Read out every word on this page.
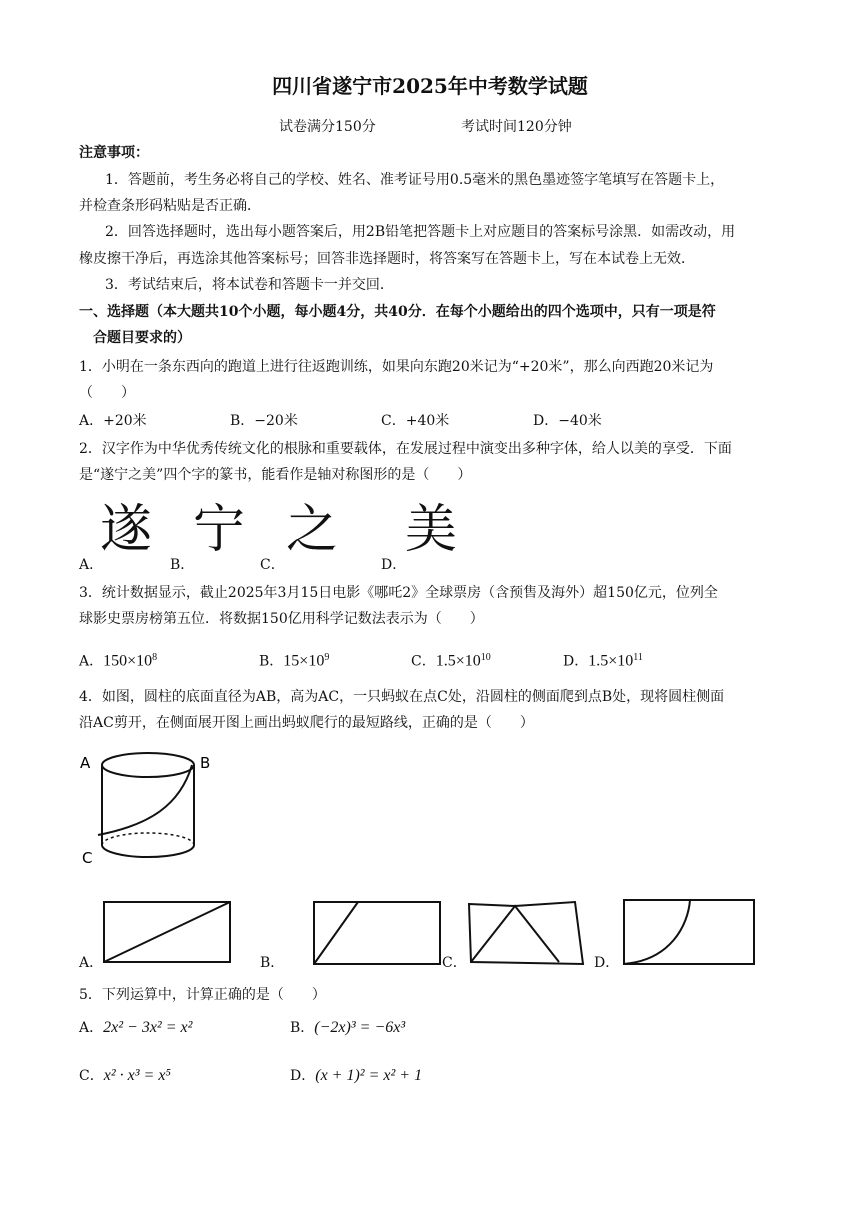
四川省遂宁市2025年中考数学试题
试卷满分150分	考试时间120分钟
注意事项：
1．答题前，考生务必将自己的学校、姓名、准考证号用0.5毫米的黑色墨迹签字笔填写在答题卡上，
并检查条形码粘贴是否正确．
2．回答选择题时，选出每小题答案后，用2B铅笔把答题卡上对应题目的答案标号涂黑．如需改动，用
橡皮擦干净后，再选涂其他答案标号；回答非选择题时，将答案写在答题卡上，写在本试卷上无效．
3．考试结束后，将本试卷和答题卡一并交回．
一、选择题（本大题共10个小题，每小题4分，共40分．在每个小题给出的四个选项中，只有一项是符
合题目要求的）
1．小明在一条东西向的跑道上进行往返跑训练，如果向东跑20米记为“+20米”，那么向西跑20米记为
（　　）
A．+20米	B．−20米	C．+40米	D．−40米
2．汉字作为中华优秀传统文化的根脉和重要载体，在发展过程中演变出多种字体，给人以美的享受．下面
是“遂宁之美”四个字的篆书，能看作是轴对称图形的是（　　）
遂 宁 之 美
A．	B．	C．	D．
3．统计数据显示，截止2025年3月15日电影《哪吒2》全球票房（含预售及海外）超150亿元，位列全
球影史票房榜第五位．将数据150亿用科学记数法表示为（　　）
A．$150\times 10^8$	B．$15\times 10^9$	C．$1.5\times 10^{10}$	D．$1.5\times 10^{11}$
4．如图，圆柱的底面直径为AB，高为AC，一只蚂蚁在点C处，沿圆柱的侧面爬到点B处，现将圆柱侧面
沿AC剪开，在侧面展开图上画出蚂蚁爬行的最短路线，正确的是（　　）
A	B
C
A．	B．	C．	D．
5．下列运算中，计算正确的是（　　）
A．2x² − 3x² = x²	B．(−2x)³ = −6x³
C．x² · x³ = x⁵	D．(x + 1)² = x² + 1
